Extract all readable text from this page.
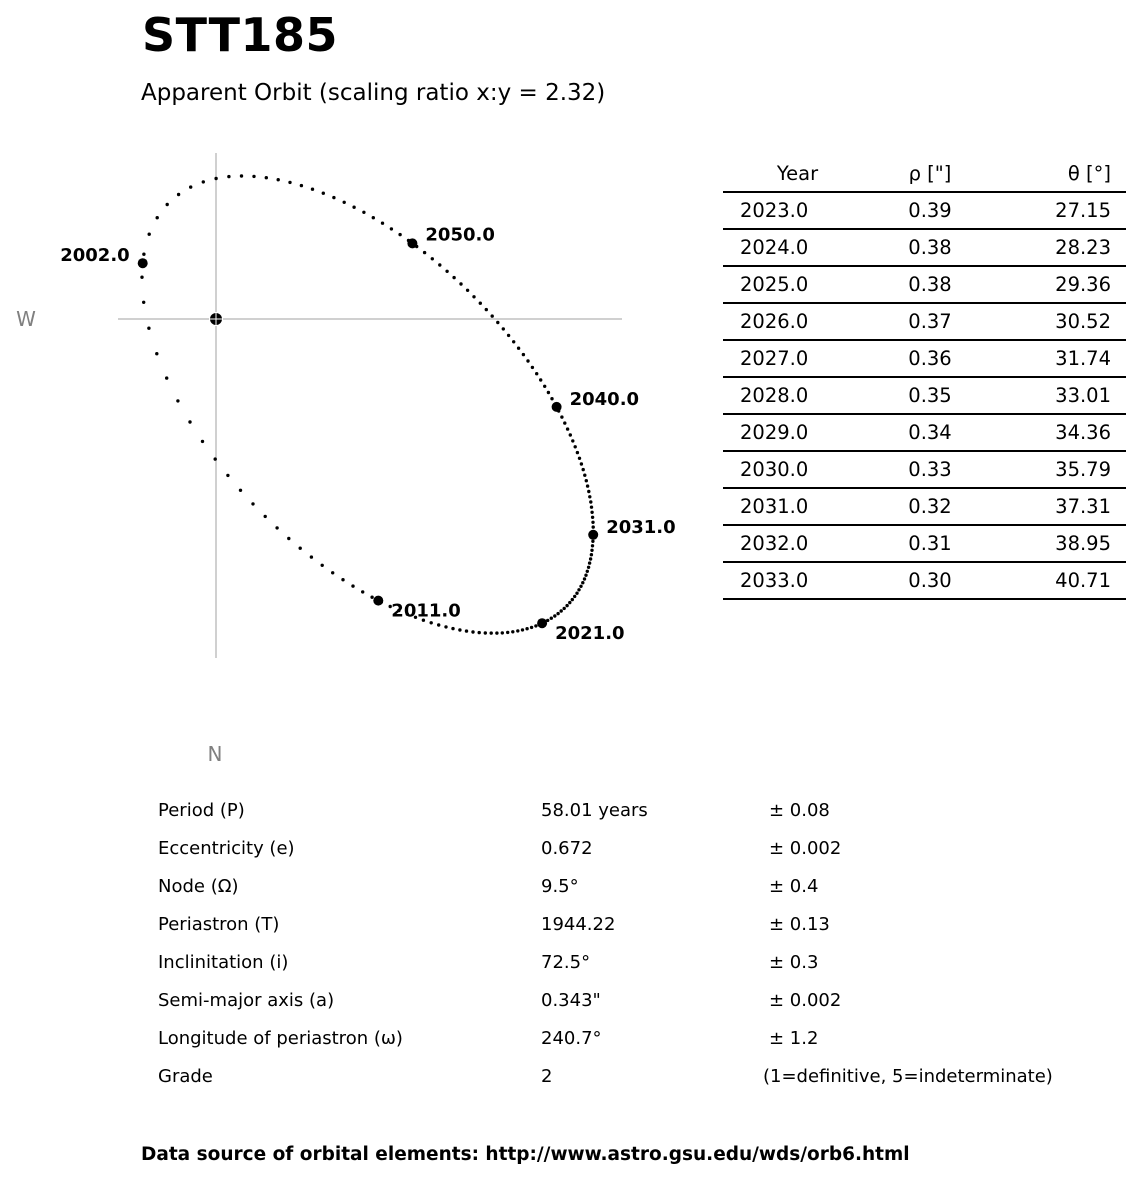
STT185
Apparent Orbit (scaling ratio x:y = 2.32)
W
N
2002.0
2011.0
2021.0
2031.0
2040.0
2050.0
Year	ρ ["]	θ [°]
2023.0	0.39	27.15
2024.0	0.38	28.23
2025.0	0.38	29.36
2026.0	0.37	30.52
2027.0	0.36	31.74
2028.0	0.35	33.01
2029.0	0.34	34.36
2030.0	0.33	35.79
2031.0	0.32	37.31
2032.0	0.31	38.95
2033.0	0.30	40.71
Period (P)	58.01 years	± 0.08
Eccentricity (e)	0.672	± 0.002
Node (Ω)	9.5°	± 0.4
Periastron (T)	1944.22	± 0.13
Inclinitation (i)	72.5°	± 0.3
Semi-major axis (a)	0.343"	± 0.002
Longitude of periastron (ω)	240.7°	± 1.2
Grade	2	(1=definitive, 5=indeterminate)
Data source of orbital elements: http://www.astro.gsu.edu/wds/orb6.html
